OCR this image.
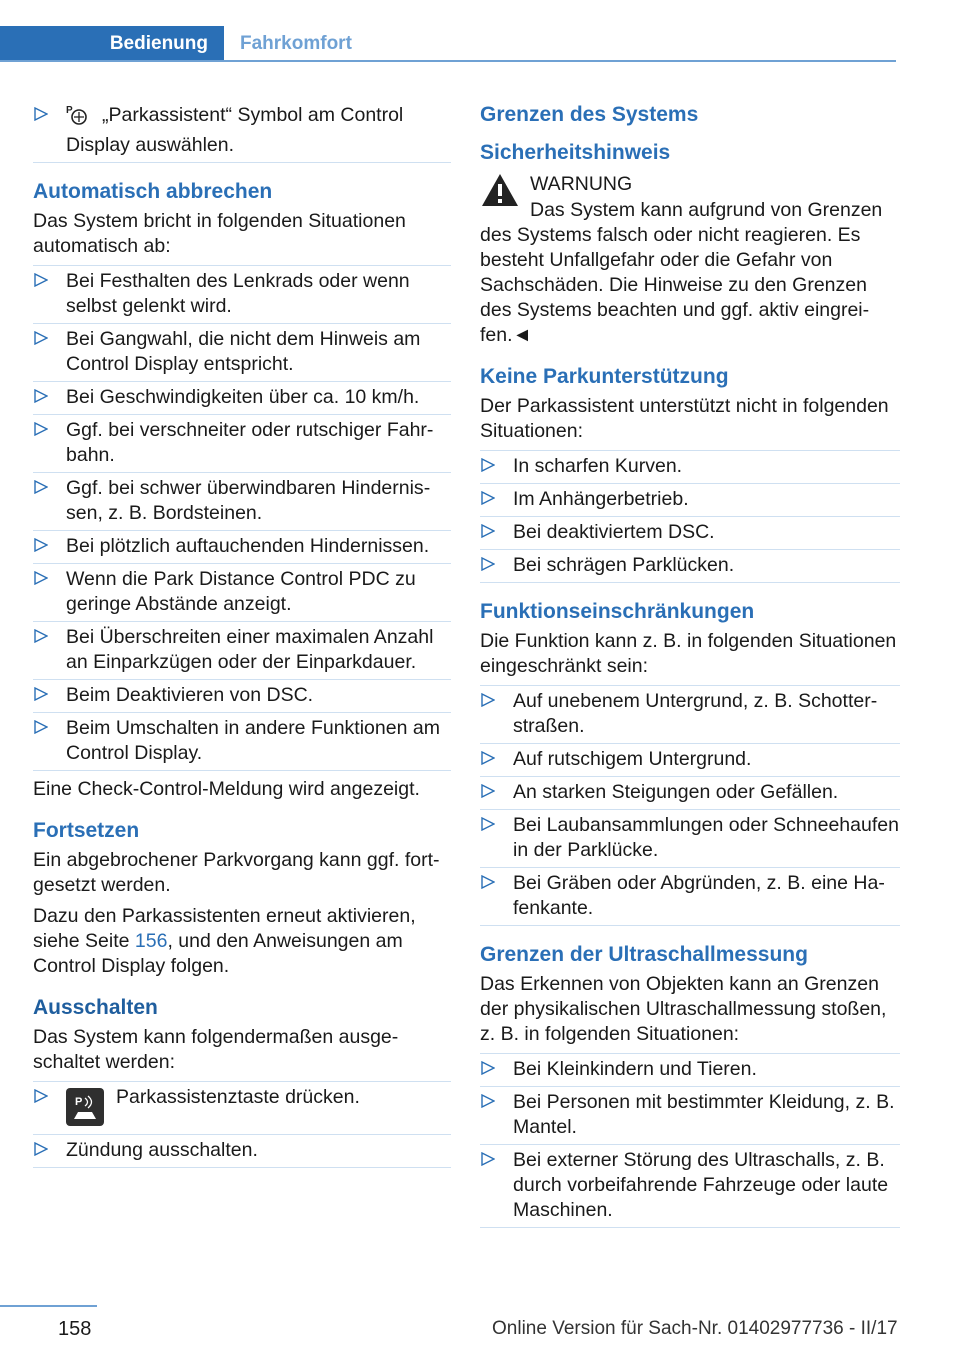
Bedienung	Fahrkomfort
P „Parkassistent“ Symbol am Control Display auswählen.
Automatisch abbrechen

Das System bricht in folgenden Situationen automatisch ab:

Bei Festhalten des Lenkrads oder wenn selbst gelenkt wird.
Bei Gangwahl, die nicht dem Hinweis am Control Display entspricht.
Bei Geschwindigkeiten über ca. 10 km/h.
Ggf. bei verschneiter oder rutschiger Fahrbahn.
Ggf. bei schwer überwindbaren Hindernissen, z. B. Bordsteinen.
Bei plötzlich auftauchenden Hindernissen.
Wenn die Park Distance Control PDC zu geringe Abstände anzeigt.
Bei Überschreiten einer maximalen Anzahl an Einparkzügen oder der Einparkdauer.
Beim Deaktivieren von DSC.
Beim Umschalten in andere Funktionen am Control Display.

Eine Check-Control-Meldung wird angezeigt.

Fortsetzen

Ein abgebrochener Parkvorgang kann ggf. fortgesetzt werden.

Dazu den Parkassistenten erneut aktivieren, siehe Seite 156, und den Anweisungen am Control Display folgen.

Ausschalten

Das System kann folgendermaßen ausgeschaltet werden:

P Parkassistenztaste drücken.
Zündung ausschalten.
Grenzen des Systems
Sicherheitshinweis
WARNUNG

Das System kann aufgrund von Grenzen des Systems falsch oder nicht reagieren. Es besteht Unfallgefahr oder die Gefahr von Sachschäden. Die Hinweise zu den Grenzen des Systems beachten und ggf. aktiv eingreifen.◄

Keine Parkunterstützung

Der Parkassistent unterstützt nicht in folgenden Situationen:

In scharfen Kurven.
Im Anhängerbetrieb.
Bei deaktiviertem DSC.
Bei schrägen Parklücken.
Funktionseinschränkungen

Die Funktion kann z. B. in folgenden Situationen eingeschränkt sein:

Auf unebenem Untergrund, z. B. Schotterstraßen.
Auf rutschigem Untergrund.
An starken Steigungen oder Gefällen.
Bei Laubansammlungen oder Schneehaufen in der Parklücke.
Bei Gräben oder Abgründen, z. B. eine Hafenkante.
Grenzen der Ultraschallmessung

Das Erkennen von Objekten kann an Grenzen der physikalischen Ultraschallmessung stoßen, z. B. in folgenden Situationen:

Bei Kleinkindern und Tieren.
Bei Personen mit bestimmter Kleidung, z. B. Mantel.
Bei externer Störung des Ultraschalls, z. B. durch vorbeifahrende Fahrzeuge oder laute Maschinen.
158	Online Version für Sach-Nr. 01402977736 - II/17
